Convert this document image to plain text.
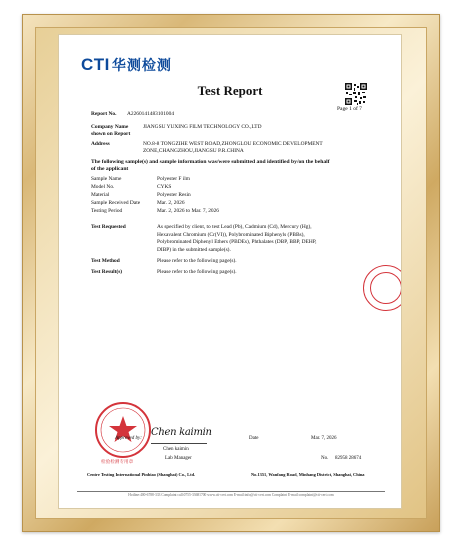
CTI 华测检测
Test Report
Page 1 of 7
Report No. A2260141483101004
Company Name shown on Report
JIANGSU YUXING FILM TECHNOLOGY CO.,LTD
Address	NO.8-8 TONGZIHE WEST ROAD,ZHONGLOU ECONOMIC DEVELOPMENT
ZONE,CHANGZHOU,JIANGSU P.R.CHINA
The following sample(s) and sample information was/were submitted and identified by/on the behalf
of the applicant
Sample Name	Polyester F ilm
Model No.	CYKS
Material	Polyester Resin
Sample Received Date	Mar. 2, 2026
Testing Period	Mar. 2, 2026 to Mar. 7, 2026
Test Requested	As specified by client, to test Lead (Pb), Cadmium (Cd), Mercury (Hg),
Hexavalent Chromium (Cr(VI)), Polybrominated Biphenyls (PBBs),
Polybrominated Diphenyl Ethers (PBDEs), Phthalates (DBP, BBP, DEHP,
DIBP) in the submitted sample(s).
Test Method	Please refer to the following page(s).
Test Result(s)	Please refer to the following page(s).
检验检测专用章
Approved by:
Chen kaimin
Chen kaimin
Lab Manager
Date	Mar. 7, 2026
No. 82958 28674
Centre Testing International Pinbiao (Shanghai) Co., Ltd.	No.1351, Wanfang Road, Minhang District, Shanghai, China
Hotline:400-6788-333 Complaint call:0755-33681700 www.cti-cert.com E-mail:info@cti-cert.com Complaint E-mail:complaint@cti-cert.com
